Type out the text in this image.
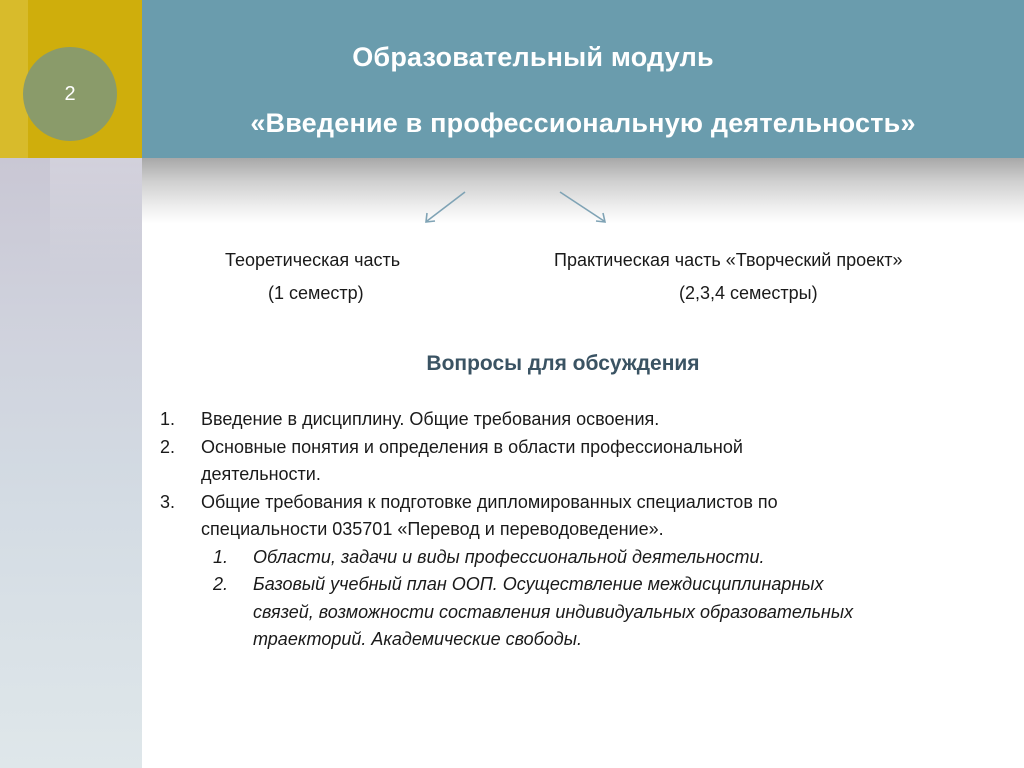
2
Образовательный модуль
«Введение в профессиональную деятельность»
Теоретическая часть
(1 семестр)
Практическая часть «Творческий проект»
(2,3,4 семестры)
Вопросы для обсуждения
1. Введение в дисциплину. Общие требования освоения.
2. Основные понятия и определения в области профессиональной
деятельности.
3. Общие требования к подготовке дипломированных специалистов по
специальности 035701 «Перевод и переводоведение».
1. Области, задачи и виды профессиональной деятельности.
2. Базовый учебный план ООП. Осуществление междисциплинарных
связей, возможности составления индивидуальных образовательных
траекторий. Академические свободы.
